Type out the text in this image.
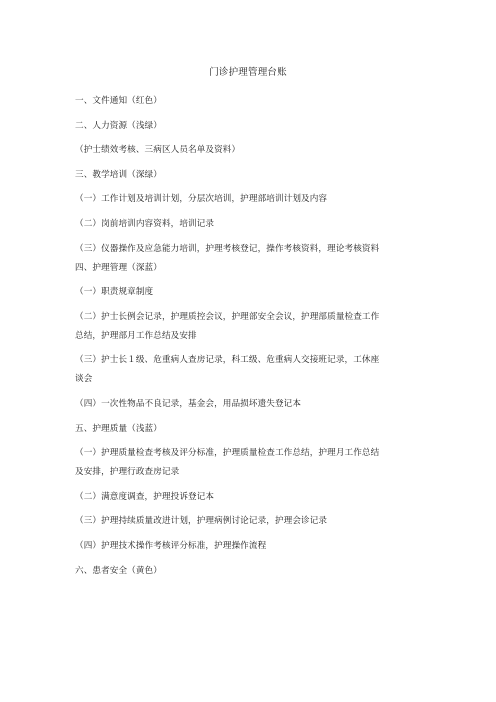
门诊护理管理台账
一、文件通知（红色）
二、人力资源（浅绿）
（护士绩效考核、三病区人员名单及资料）
三、教学培训（深绿）
（一）工作计划及培训计划，分层次培训，护理部培训计划及内容
（二）岗前培训内容资料，培训记录
（三）仪器操作及应急能力培训，护理考核登记，操作考核资料，理论考核资料
四、护理管理（深蓝）
（一）职责规章制度
（二）护士长例会记录，护理质控会议，护理部安全会议，护理部质量检查工作
总结，护理部月工作总结及安排
（三）护士长１级、危重病人查房记录，科工级、危重病人交接班记录，工休座
谈会
（四）一次性物品不良记录，基金会，用品损坏遗失登记本
五、护理质量（浅蓝）
（一）护理质量检查考核及评分标准，护理质量检查工作总结，护理月工作总结
及安排，护理行政查房记录
（二）满意度调查，护理投诉登记本
（三）护理持续质量改进计划，护理病例讨论记录，护理会诊记录
（四）护理技术操作考核评分标准，护理操作流程
六、患者安全（黄色）
